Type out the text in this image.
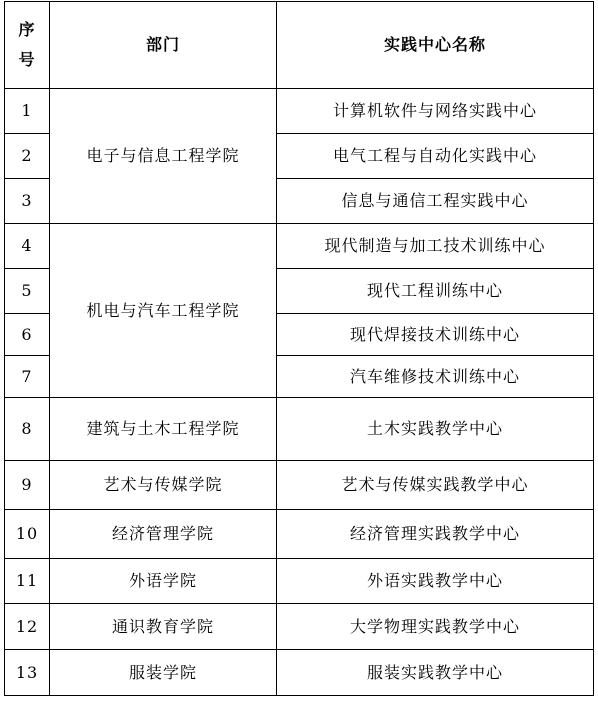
序
号	部门	实践中心名称
1	电子与信息工程学院	计算机软件与网络实践中心
2		电气工程与自动化实践中心
3		信息与通信工程实践中心
4	机电与汽车工程学院	现代制造与加工技术训练中心
5		现代工程训练中心
6		现代焊接技术训练中心
7		汽车维修技术训练中心
8	建筑与土木工程学院	土木实践教学中心
9	艺术与传媒学院	艺术与传媒实践教学中心
10	经济管理学院	经济管理实践教学中心
11	外语学院	外语实践教学中心
12	通识教育学院	大学物理实践教学中心
13	服装学院	服装实践教学中心
